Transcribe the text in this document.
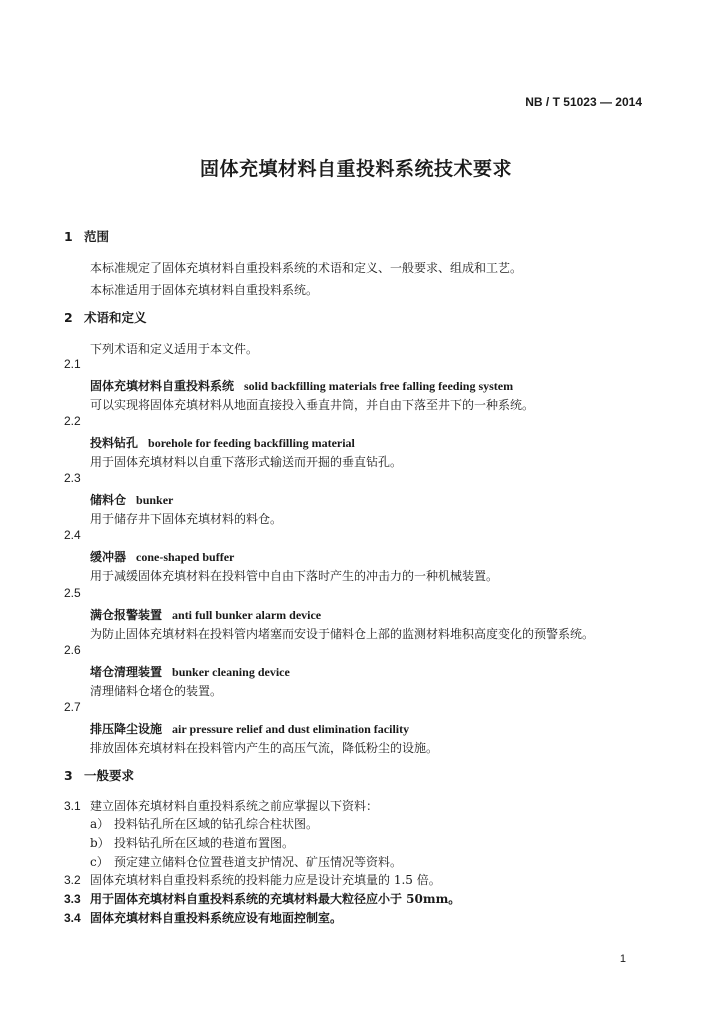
NB / T 51023 — 2014
固体充填材料自重投料系统技术要求
1 范围
本标准规定了固体充填材料自重投料系统的术语和定义、一般要求、组成和工艺。
本标准适用于固体充填材料自重投料系统。
2 术语和定义
下列术语和定义适用于本文件。
2.1
固体充填材料自重投料系统 solid backfilling materials free falling feeding system
可以实现将固体充填材料从地面直接投入垂直井筒，并自由下落至井下的一种系统。
2.2
投料钻孔 borehole for feeding backfilling material
用于固体充填材料以自重下落形式输送而开掘的垂直钻孔。
2.3
储料仓 bunker
用于储存井下固体充填材料的料仓。
2.4
缓冲器 cone-shaped buffer
用于减缓固体充填材料在投料管中自由下落时产生的冲击力的一种机械装置。
2.5
满仓报警装置 anti full bunker alarm device
为防止固体充填材料在投料管内堵塞而安设于储料仓上部的监测材料堆积高度变化的预警系统。
2.6
堵仓清理装置 bunker cleaning device
清理储料仓堵仓的装置。
2.7
排压降尘设施 air pressure relief and dust elimination facility
排放固体充填材料在投料管内产生的高压气流，降低粉尘的设施。
3 一般要求
3.1 建立固体充填材料自重投料系统之前应掌握以下资料：
a） 投料钻孔所在区域的钻孔综合柱状图。
b） 投料钻孔所在区域的巷道布置图。
c） 预定建立储料仓位置巷道支护情况、矿压情况等资料。
3.2 固体充填材料自重投料系统的投料能力应是设计充填量的 1.5 倍。
3.3 用于固体充填材料自重投料系统的充填材料最大粒径应小于 50mm。
3.4 固体充填材料自重投料系统应设有地面控制室。
1
